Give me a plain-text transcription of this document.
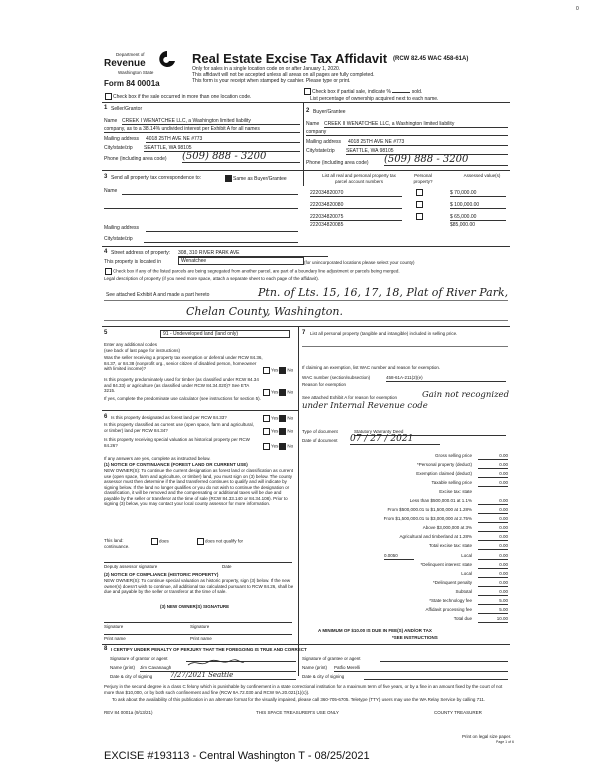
0
Department of
Revenue
Washington State
Form 84 0001a
Real Estate Excise Tax Affidavit (RCW 82.45 WAC 458-61A)
Only for sales in a single location code on or after January 1, 2020.
This affidavit will not be accepted unless all areas on all pages are fully completed.
This form is your receipt when stamped by cashier. Please type or print.
Check box if the sale occurred in more than one location code.
Check box if partial sale, indicate %	sold.
List percentage of ownership acquired next to each name.
1 Seller/Grantor
Name CREEK I WENATCHEE LLC, a Washington limited liability
company, as to a 38.14% undivided interest per Exhibit A for all names
Mailing address 4018 25TH AVE NE #773
City/state/zip SEATTLE, WA 98105
Phone (including area code) (509) 888 - 3200
2 Buyer/Grantee
Name CREEK II WENATCHEE LLC, a Washington limited liability
company
Mailing address 4018 25TH AVE NE #773
City/state/zip SEATTLE, WA 98105
Phone (including area code) (509) 888 - 3200
3 Send all property tax correspondence to:	Same as Buyer/Grantee
Name
Mailing address
City/state/zip
List all real and personal property tax parcel account numbers
Personal property?
Assessed value(s)
222034820070	$ 70,000.00
222034820080	$ 100,000.00
222034820075	$ 65,000.00
222034820085	$85,000.00
4 Street address of property: 308, 310 RIVER PARK AVE
This property is located in	Wenatchee	(for unincorporated locations please select your county)
Check box if any of the listed parcels are being segregated from another parcel, are part of a boundary line adjustment or parcels being merged.
Legal description of property (if you need more space, attach a separate sheet to each page of the affidavit).
See attached Exhibit A and made a part hereto	Ptn. of Lts. 15, 16, 17, 18, Plat of River Park,
Chelan County, Washington.
5	91 - Undeveloped land (land only)
Enter any additional codes
(see back of last page for instructions)
Was the seller receiving a property tax exemption or deferral under RCW 84.36, 84.37, or 84.38 (nonprofit org., senior citizen of disabled person, homeowner with limited income)?	Yes No
Is this property predominately used for timber (as classified under RCW 84.34 and 84.33) or agriculture (as classified under RCW 84.34.020)? See ETA 3215.	Yes No
If yes, complete the predominate use calculator (see instructions for section 5).
6 Is this property designated as forest land per RCW 84.33?	Yes No
Is this property classified as current use (open space, farm and agricultural, or timber) land per RCW 84.34?	Yes No
Is this property receiving special valuation as historical property per RCW 84.26?	Yes No
If any answers are yes, complete as instructed below.
(1) NOTICE OF CONTINUANCE (FOREST LAND OR CURRENT USE)
NEW OWNER(S): To continue the current designation as forest land or classification as current use (open space, farm and agriculture, or timber) land, you must sign on (3) below. The county assessor must then determine if the land transferred continues to qualify and will indicate by signing below. If the land no longer qualifies or you do not wish to continue the designation or classification, it will be removed and the compensating or additional taxes will be due and payable by the seller or transferor at the time of sale (RCW 84.33.140 or 84.34.108). Prior to signing (3) below, you may contact your local county assessor for more information.
This land:	does	does not qualify for
continuance.
Deputy assessor signature	Date
(2) NOTICE OF COMPLIANCE (HISTORIC PROPERTY)
NEW OWNER(S): To continue special valuation as historic property, sign (3) below. If the new owner(s) doesn't wish to continue, all additional tax calculated pursuant to RCW 84.26, shall be due and payable by the seller or transferor at the time of sale.
(3) NEW OWNER(S) SIGNATURE
Signature	Signature
Print name	Print name
7 List all personal property (tangible and intangible) included in selling price.
If claiming an exemption, list WAC number and reason for exemption.
WAC number (section/subsection)	458-61A-211(2)(e)
Reason for exemption
See attached Exhibit A for reason for exemption	Gain not recognized under Internal Revenue code
Type of document	Statutory Warranty Deed
Date of document 07 / 27 / 2021
Gross selling price	0.00
*Personal property (deduct)	0.00
Exemption claimed (deduct)	0.00
Taxable selling price	0.00
Excise tax: state
Less than $500,000.01 at 1.1%	0.00
From $500,000.01 to $1,500,000 at 1.28%	0.00
From $1,500,000.01 to $3,000,000 at 2.75%	0.00
Above $3,000,000 at 3%	0.00
Agricultural and timberland at 1.28%	0.00
Total excise tax: state	0.00
0.0050	Local	0.00
*Delinquent interest: state	0.00
Local	0.00
*Delinquent penalty	0.00
Subtotal	0.00
*State technology fee	5.00
Affidavit processing fee	5.00
Total due	10.00
A MINIMUM OF $10.00 IS DUE IN FEE(S) AND/OR TAX
*SEE INSTRUCTIONS
8 I CERTIFY UNDER PENALTY OF PERJURY THAT THE FOREGOING IS TRUE AND CORRECT
Signature of grantor or agent
Name (print) Jim Cavanaugh
Date & city of signing	7/27/2021 Seattle
Signature of grantee or agent
Name (print) Patfio Merelli
Date & city of signing
Perjury in the second degree is a class C felony which is punishable by confinement in a state correctional institution for a maximum term of five years, or by a fine in an amount fixed by the court of not more than $10,000, or by both such confinement and fine (RCW 9A.72.030 and RCW 9A.20.021(1)(c)).
To ask about the availability of this publication in an alternate format for the visually impaired, please call 360-705-6705. Teletype (TTY) users may use the WA Relay Service by calling 711.
REV 84 0001a (9/13/21)	THIS SPACE TREASURER'S USE ONLY	COUNTY TREASURER
Print on legal size paper.
Page 1 of 6
EXCISE #193113 - Central Washington T - 08/25/2021
